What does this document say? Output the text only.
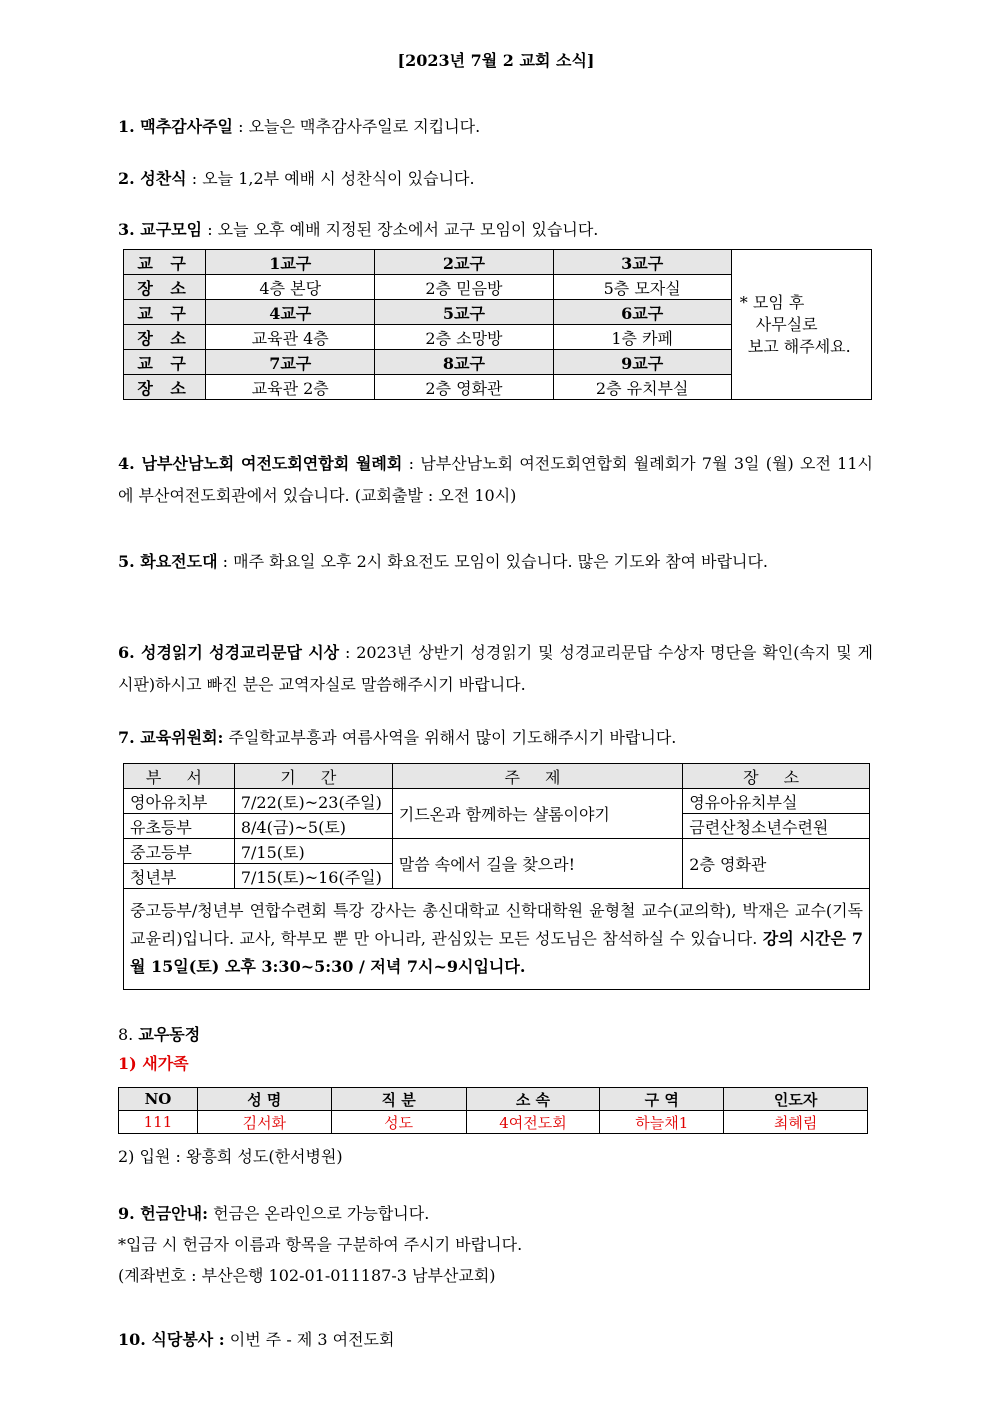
[2023년 7월 2 교회 소식]
1. 맥추감사주일 : 오늘은 맥추감사주일로 지킵니다.
2. 성찬식 : 오늘 1,2부 예배 시 성찬식이 있습니다.
3. 교구모임 : 오늘 오후 예배 지정된 장소에서 교구 모임이 있습니다.
교 구	1교구	2교구	3교구	* 모임 후
사무실로
보고 해주세요.

장 소	4층 본당	2층 믿음방	5층 모자실	
교 구	4교구	5교구	6교구	
장 소	교육관 4층	2층 소망방	1층 카페	
교 구	7교구	8교구	9교구	
장 소	교육관 2층	2층 영화관	2층 유치부실	
4. 남부산남노회 여전도회연합회 월례회 : 남부산남노회 여전도회연합회 월례회가 7월 3일 (월) 오전 11시에 부산여전도회관에서 있습니다. (교회출발 : 오전 10시)
5. 화요전도대 : 매주 화요일 오후 2시 화요전도 모임이 있습니다. 많은 기도와 참여 바랍니다.
6. 성경읽기 성경교리문답 시상 : 2023년 상반기 성경읽기 및 성경교리문답 수상자 명단을 확인(속지 및 게시판)하시고 빠진 분은 교역자실로 말씀해주시기 바랍니다.
7. 교육위원회: 주일학교부흥과 여름사역을 위해서 많이 기도해주시기 바랍니다.
부 서	기 간	주 제	장 소
영아유치부	7/22(토)~23(주일)	기드온과 함께하는 샬롬이야기	영유아유치부실
유초등부	8/4(금)~5(토)		금련산청소년수련원
중고등부	7/15(토)	말씀 속에서 길을 찾으라!	2층 영화관
청년부	7/15(토)~16(주일)		
중고등부/청년부 연합수련회 특강 강사는 총신대학교 신학대학원 윤형철 교수(교의학), 박재은 교수(기독교윤리)입니다. 교사, 학부모 뿐 만 아니라, 관심있는 모든 성도님은 참석하실 수 있습니다. 강의 시간은 7월 15일(토) 오후 3:30~5:30 / 저녁 7시~9시입니다.			
8. 교우동정
1) 새가족
NO	성 명	직 분	소 속	구 역	인도자
111	김서화	성도	4여전도회	하늘채1	최혜림
2) 입원 : 왕흥희 성도(한서병원)
9. 헌금안내: 헌금은 온라인으로 가능합니다.
*입금 시 헌금자 이름과 항목을 구분하여 주시기 바랍니다.
(계좌번호 : 부산은행 102-01-011187-3 남부산교회)
10. 식당봉사 : 이번 주 - 제 3 여전도회
